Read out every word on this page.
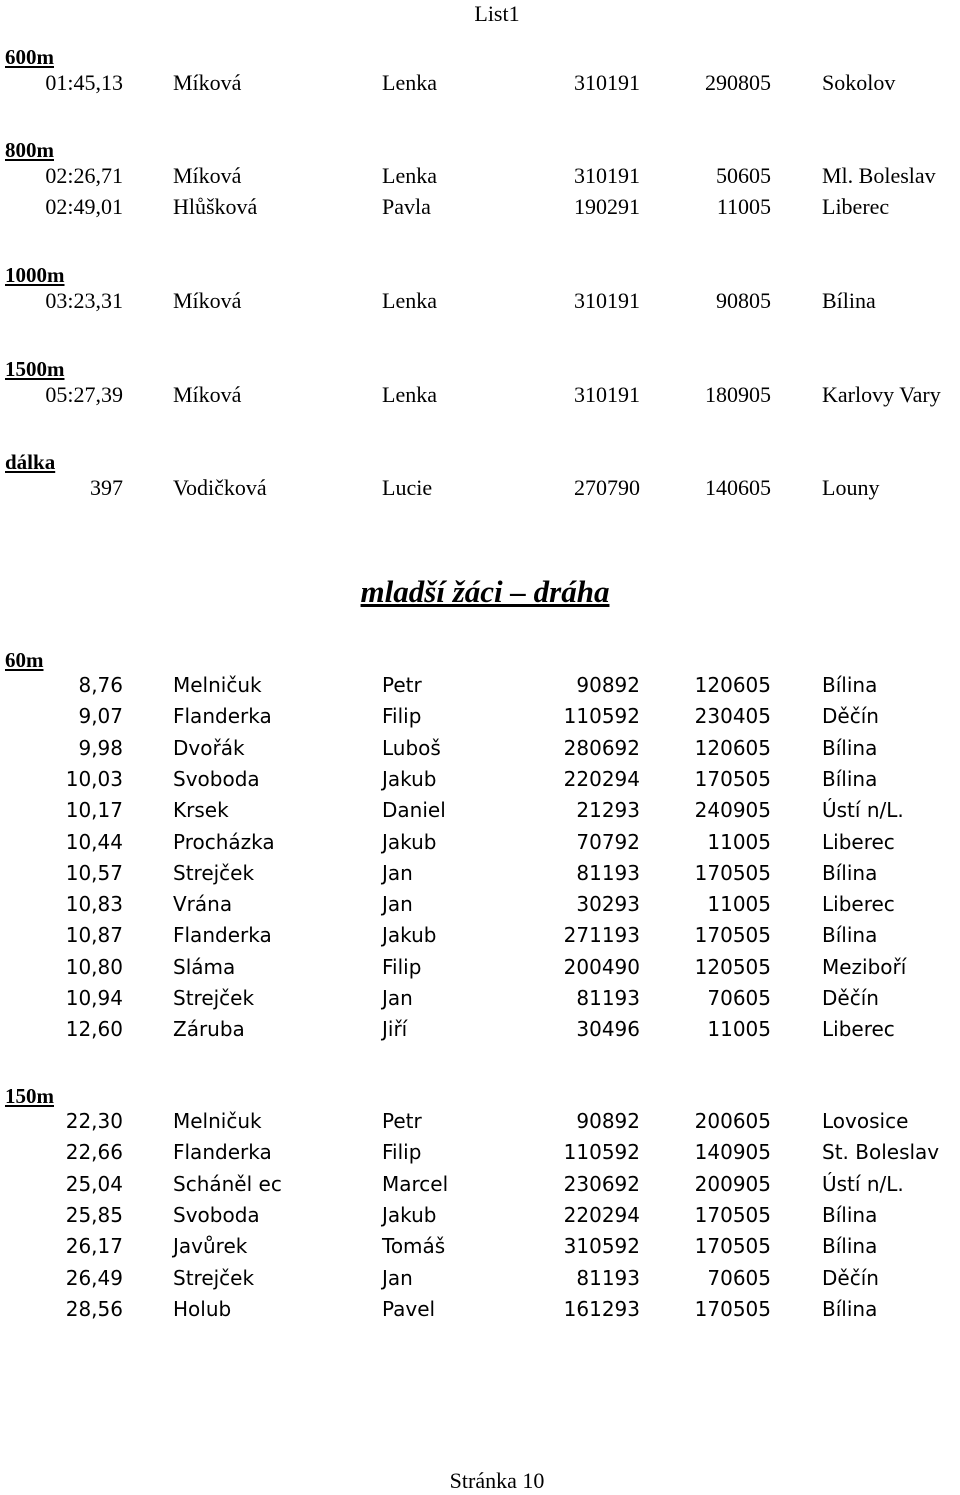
List1
600m
01:45,13 Míková	Lenka	310191	290805 Sokolov
800m
02:26,71 Míková	Lenka	310191	50605 Ml. Boleslav
02:49,01 Hlůšková	Pavla	190291	11005 Liberec
1000m
03:23,31 Míková	Lenka	310191	90805 Bílina
1500m
05:27,39 Míková	Lenka	310191	180905 Karlovy Vary
dálka
397 Vodičková	Lucie	270790	140605 Louny
mladší žáci – dráha
60m
8,76	Melničuk	Petr	90892	120605	Bílina
9,07	Flanderka	Filip	110592	230405	Děčín
9,98	Dvořák	Luboš	280692	120605	Bílina
10,03	Svoboda	Jakub	220294	170505	Bílina
10,17	Krsek	Daniel	21293	240905	Ústí n/L.
10,44	Procházka	Jakub	70792	11005	Liberec
10,57	Strejček	Jan	81193	170505	Bílina
10,83	Vrána	Jan	30293	11005	Liberec
10,87	Flanderka	Jakub	271193	170505	Bílina
10,80	Sláma	Filip	200490	120505	Meziboří
10,94	Strejček	Jan	81193	70605	Děčín
12,60	Záruba	Jiří	30496	11005	Liberec
150m
22,30	Melničuk	Petr	90892	200605	Lovosice
22,66	Flanderka	Filip	110592	140905	St. Boleslav
25,04	Scháněl ec	Marcel	230692	200905	Ústí n/L.
25,85	Svoboda	Jakub	220294	170505	Bílina
26,17	Javůrek	Tomáš	310592	170505	Bílina
26,49	Strejček	Jan	81193	70605	Děčín
28,56	Holub	Pavel	161293	170505	Bílina
Stránka 10
